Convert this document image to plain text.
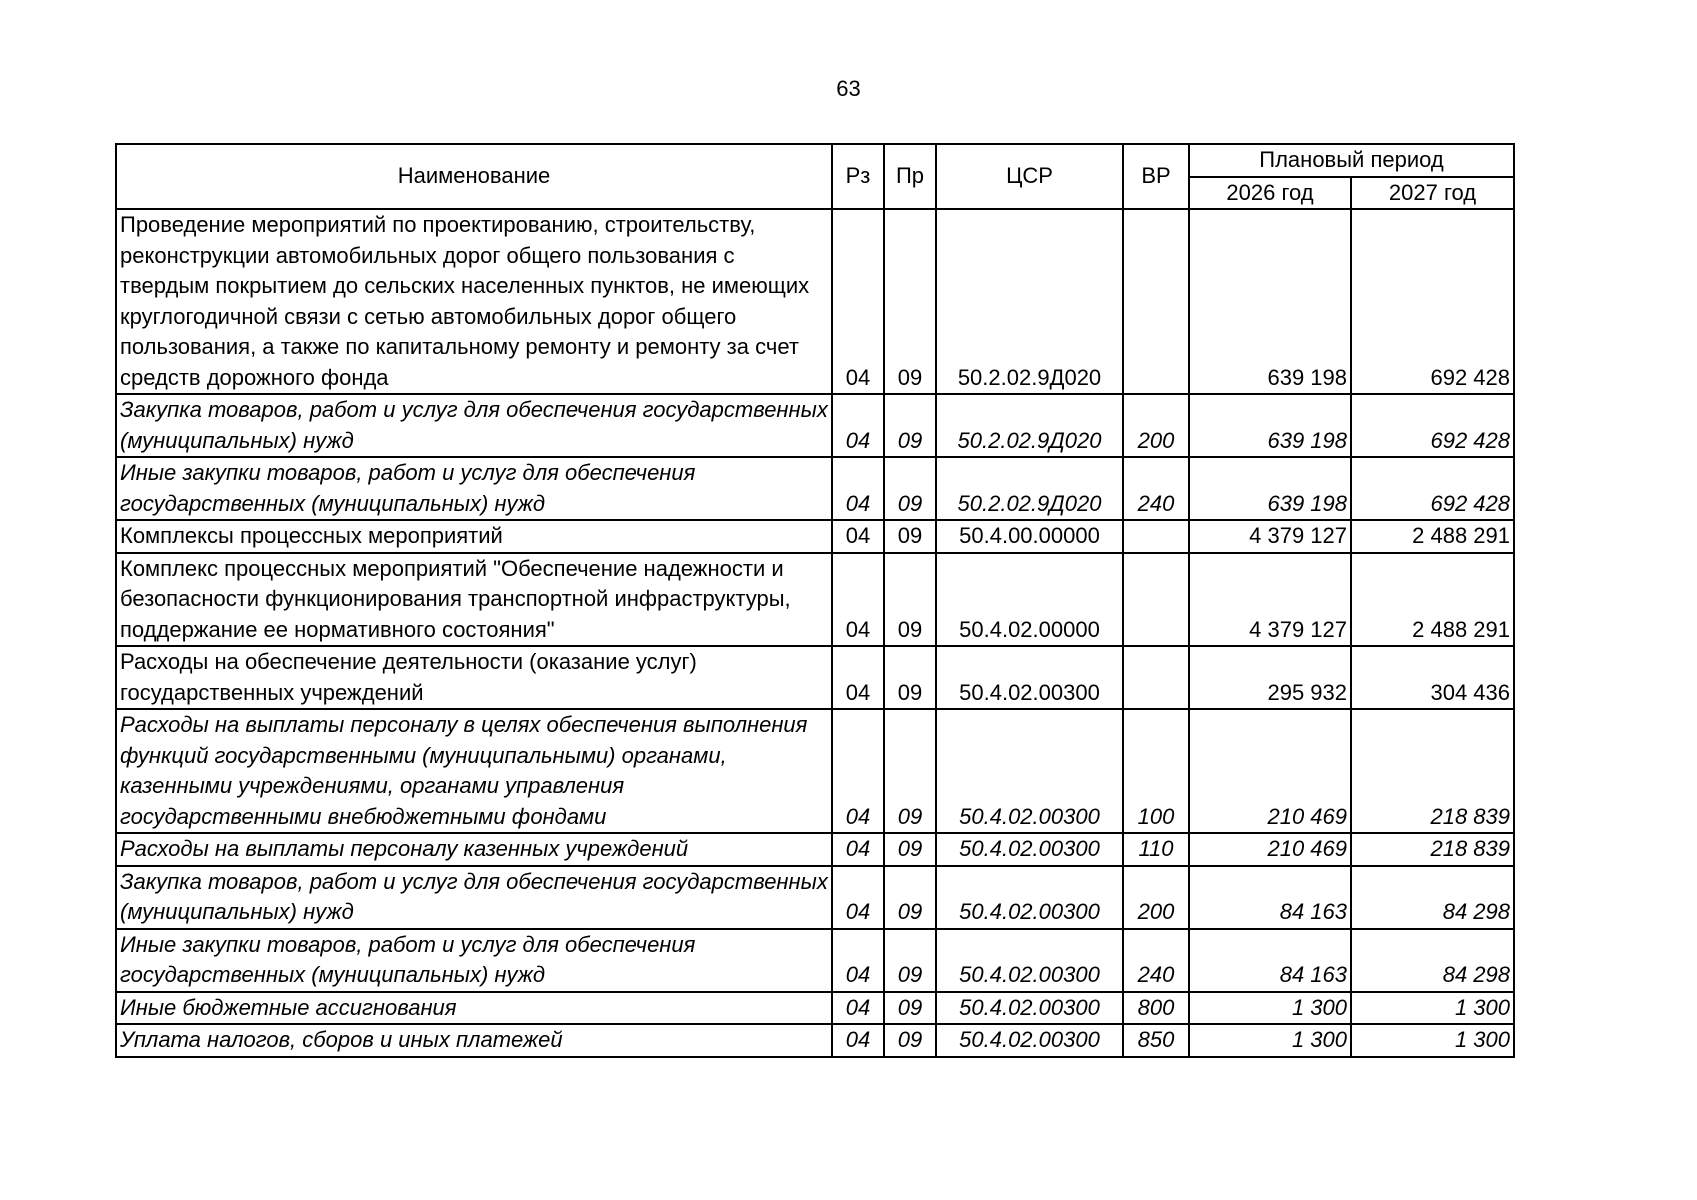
63
Наименование	Рз	Пр	ЦСР	ВР	Плановый период	
					2026 год	2027 год
Проведение мероприятий по проектированию, строительству, реконструкции автомобильных дорог общего пользования с твердым покрытием до сельских населенных пунктов, не имеющих круглогодичной связи с сетью автомобильных дорог общего пользования, а также по капитальному ремонту и ремонту за счет средств дорожного фонда	04	09	50.2.02.9Д020		639 198	692 428
Закупка товаров, работ и услуг для обеспечения государственных (муниципальных) нужд	04	09	50.2.02.9Д020	200	639 198	692 428
Иные закупки товаров, работ и услуг для обеспечения государственных (муниципальных) нужд	04	09	50.2.02.9Д020	240	639 198	692 428
Комплексы процессных мероприятий	04	09	50.4.00.00000		4 379 127	2 488 291
Комплекс процессных мероприятий "Обеспечение надежности и безопасности функционирования транспортной инфраструктуры, поддержание ее нормативного состояния"	04	09	50.4.02.00000		4 379 127	2 488 291
Расходы на обеспечение деятельности (оказание услуг) государственных учреждений	04	09	50.4.02.00300		295 932	304 436
Расходы на выплаты персоналу в целях обеспечения выполнения функций государственными (муниципальными) органами, казенными учреждениями, органами управления государственными внебюджетными фондами	04	09	50.4.02.00300	100	210 469	218 839
Расходы на выплаты персоналу казенных учреждений	04	09	50.4.02.00300	110	210 469	218 839
Закупка товаров, работ и услуг для обеспечения государственных (муниципальных) нужд	04	09	50.4.02.00300	200	84 163	84 298
Иные закупки товаров, работ и услуг для обеспечения государственных (муниципальных) нужд	04	09	50.4.02.00300	240	84 163	84 298
Иные бюджетные ассигнования	04	09	50.4.02.00300	800	1 300	1 300
Уплата налогов, сборов и иных платежей	04	09	50.4.02.00300	850	1 300	1 300
